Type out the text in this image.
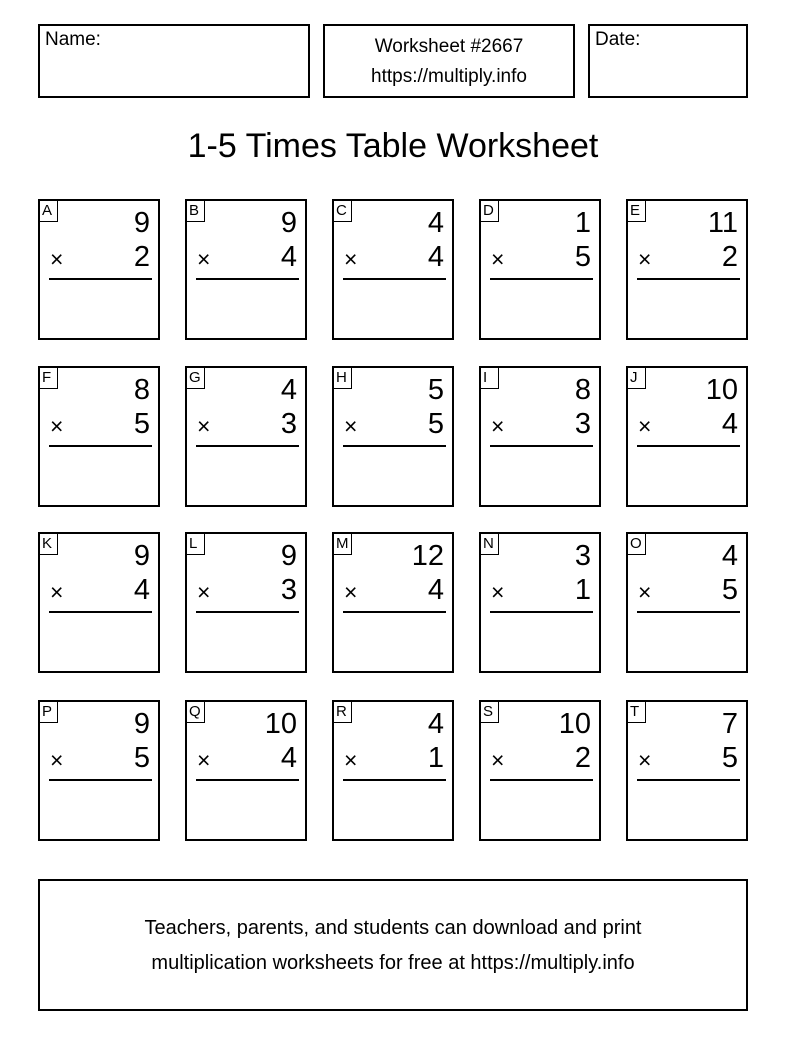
Name:	Worksheet #2667
https://multiply.info
Date:
1-5 Times Table Worksheet
A	9
× 2
B	9
× 4
C	4
× 4
D	1
× 5
E 11
× 2
F	8
× 5
G	4
× 3
H	5
× 5
I	8
× 3
J 10
× 4
K	9
× 4
L	9
× 3
M 12
× 4
N	3
× 1
O	4
× 5
P	9
× 5
Q 10
× 4
R	4
× 1
S 10
× 2
T	7
× 5
Teachers, parents, and students can download and print
multiplication worksheets for free at https://multiply.info
